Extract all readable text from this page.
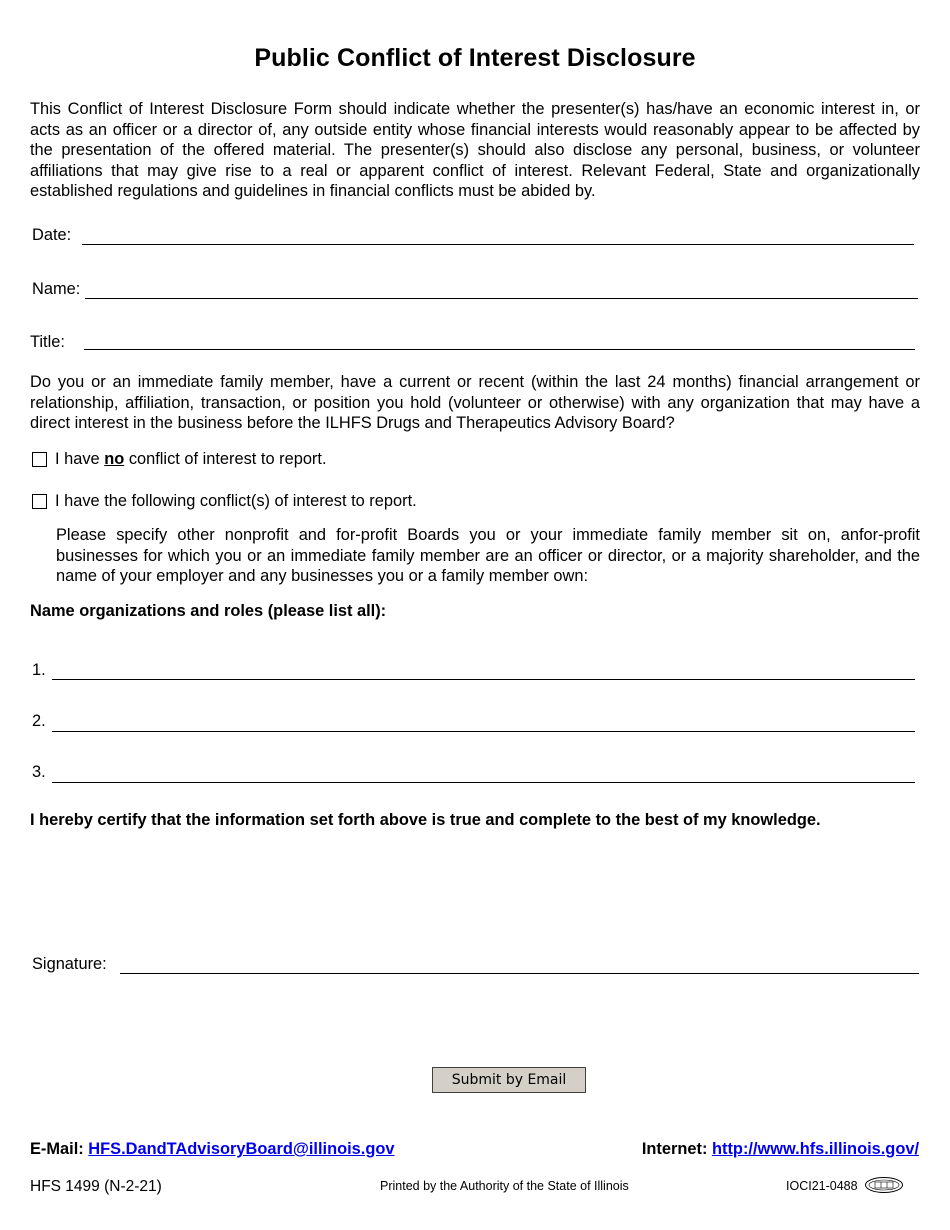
Public Conflict of Interest Disclosure
This Conflict of Interest Disclosure Form should indicate whether the presenter(s) has/have an economic interest in, or acts as an officer or a director of, any outside entity whose financial interests would reasonably appear to be affected by the presentation of the offered material. The presenter(s) should also disclose any personal, business, or volunteer affiliations that may give rise to a real or apparent conflict of interest. Relevant Federal, State and organizationally established regulations and guidelines in financial conflicts must be abided by.
Date:
Name:
Title:
Do you or an immediate family member, have a current or recent (within the last 24 months) financial arrangement or relationship, affiliation, transaction, or position you hold (volunteer or otherwise) with any organization that may have a direct interest in the business before the ILHFS Drugs and Therapeutics Advisory Board?
I have no conflict of interest to report.
I have the following conflict(s) of interest to report.
Please specify other nonprofit and for-profit Boards you or your immediate family member sit on, anfor-profit businesses for which you or an immediate family member are an officer or director, or a majority shareholder, and the name of your employer and any businesses you or a family member own:
Name organizations and roles (please list all):
1.
2.
3.
I hereby certify that the information set forth above is true and complete to the best of my knowledge.
Signature:
Submit by Email
E-Mail: HFS.DandTAdvisoryBoard@illinois.gov	Internet: http://www.hfs.illinois.gov/
HFS 1499 (N-2-21)	Printed by the Authority of the State of Illinois	IOCI21-0488
